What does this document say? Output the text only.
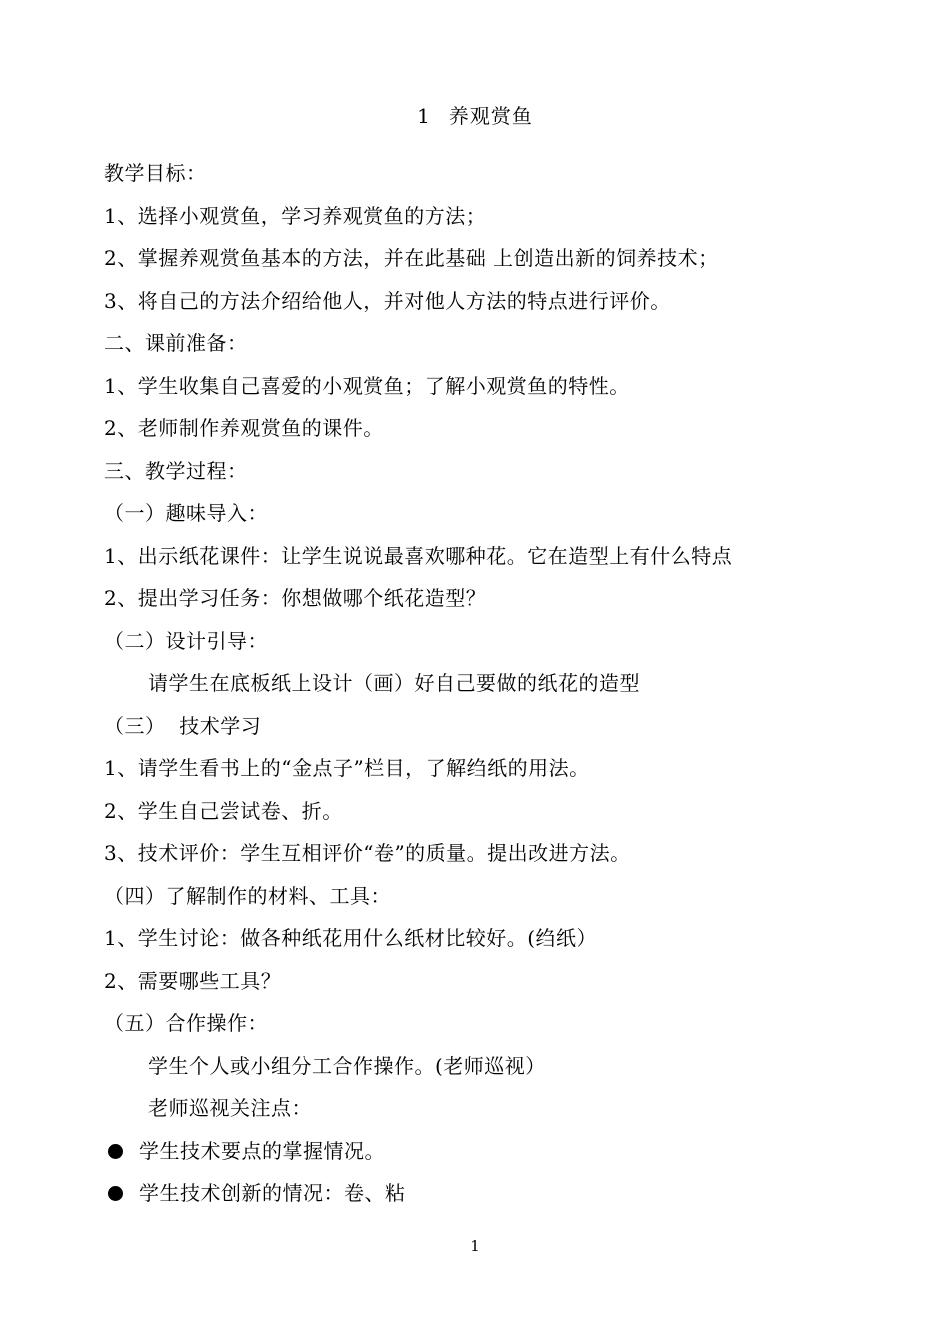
1 养观赏鱼
教学目标：
1、选择小观赏鱼，学习养观赏鱼的方法；
2、掌握养观赏鱼基本的方法，并在此基础 上创造出新的饲养技术；
3、将自己的方法介绍给他人，并对他人方法的特点进行评价。
二、课前准备：
1、学生收集自己喜爱的小观赏鱼；了解小观赏鱼的特性。
2、老师制作养观赏鱼的课件。
三、教学过程：
（一）趣味导入：
1、出示纸花课件：让学生说说最喜欢哪种花。它在造型上有什么特点
2、提出学习任务：你想做哪个纸花造型？
（二）设计引导：
请学生在底板纸上设计（画）好自己要做的纸花的造型
（三）  技术学习
1、请学生看书上的“金点子”栏目，了解绉纸的用法。
2、学生自己尝试卷、折。
3、技术评价：学生互相评价“卷”的质量。提出改进方法。
（四）了解制作的材料、工具：
1、学生讨论：做各种纸花用什么纸材比较好。(绉纸）
2、需要哪些工具？
（五）合作操作：
学生个人或小组分工合作操作。(老师巡视）
老师巡视关注点：
学生技术要点的掌握情况。
学生技术创新的情况：卷、粘
1
